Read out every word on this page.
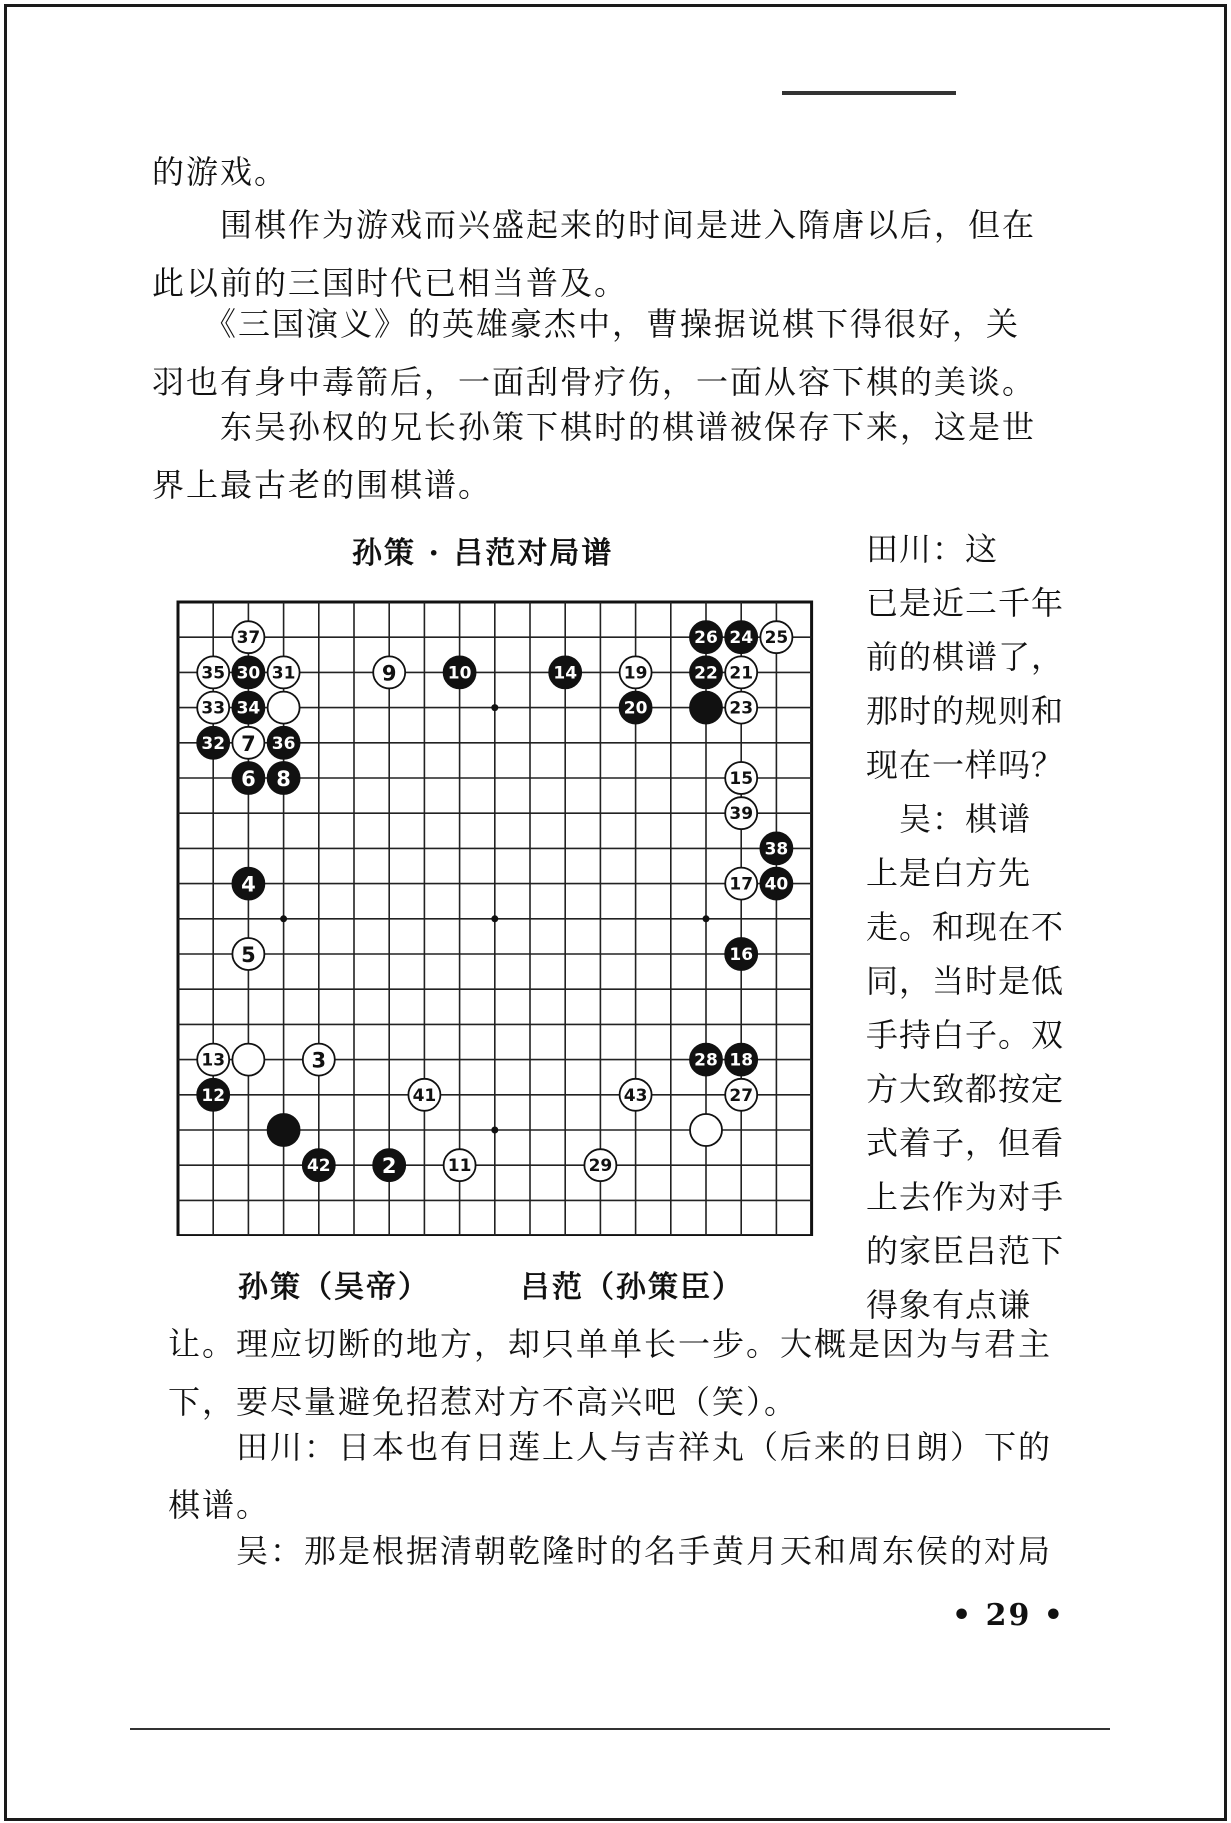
的游戏。

　　围棋作为游戏而兴盛起来的时间是进入隋唐以后，但在
此以前的三国时代已相当普及。

　　《三国演义》的英雄豪杰中，曹操据说棋下得很好，关
羽也有身中毒箭后，一面刮骨疗伤，一面从容下棋的美谈。

　　东吴孙权的兄长孙策下棋时的棋谱被保存下来，这是世
界上最古老的围棋谱。

孙策 · 吕范对局谱
37
35 30 31
33 34
32 7 36
6 8
9	10	14	19
20
26 24 25
22 21
23
15
39
38
17 40
16
4
5
13	3
12	41
42 2	11	29
43
28 18
27
田川：这
已是近二千年
前的棋谱了，
那时的规则和
现在一样吗？
　吴：棋谱
上是白方先
走。和现在不
同，当时是低
手持白子。双
方大致都按定
式着子，但看
上去作为对手
的家臣吕范下
得象有点谦
孙策（吴帝）	吕范（孙策臣）

让。理应切断的地方，却只单单长一步。大概是因为与君主
下，要尽量避免招惹对方不高兴吧（笑）。

　　田川：日本也有日莲上人与吉祥丸（后来的日朗）下的
棋谱。

　　吴：那是根据清朝乾隆时的名手黄月天和周东侯的对局

• 29 •
